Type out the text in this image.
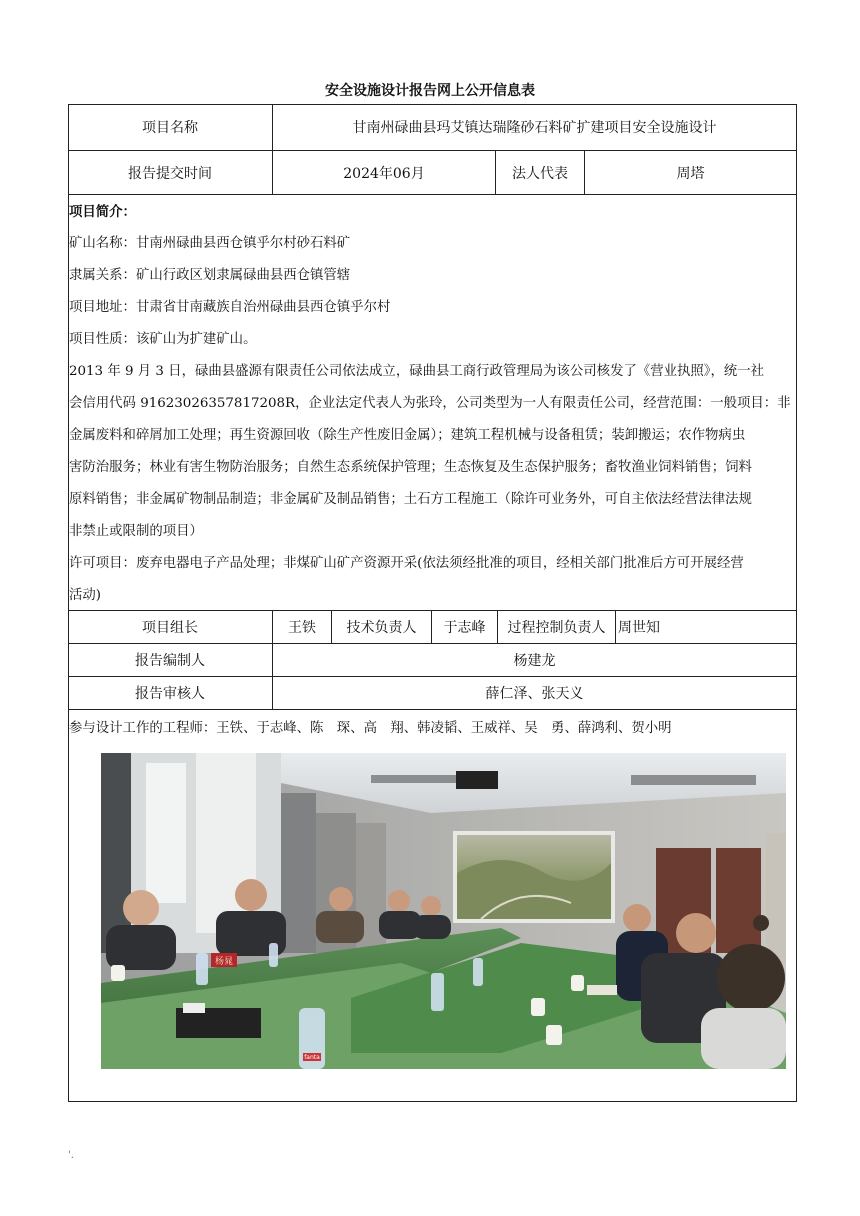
安全设施设计报告网上公开信息表
项目名称	甘南州碌曲县玛艾镇达瑞隆砂石料矿扩建项目安全设施设计
报告提交时间	2024年06月	法人代表	周塔

项目简介：

矿山名称：甘南州碌曲县西仓镇乎尔村砂石料矿

隶属关系：矿山行政区划隶属碌曲县西仓镇管辖

项目地址：甘肃省甘南藏族自治州碌曲县西仓镇乎尔村

项目性质：该矿山为扩建矿山。

2013 年 9 月 3 日，碌曲县盛源有限责任公司依法成立，碌曲县工商行政管理局为该公司核发了《营业执照》，统一社

会信用代码 91623026357817208R，企业法定代表人为张玲，公司类型为一人有限责任公司，经营范围：一般项目：非

金属废料和碎屑加工处理；再生资源回收（除生产性废旧金属）；建筑工程机械与设备租赁；装卸搬运；农作物病虫

害防治服务；林业有害生物防治服务；自然生态系统保护管理；生态恢复及生态保护服务；畜牧渔业饲料销售；饲料

原料销售；非金属矿物制品制造；非金属矿及制品销售；土石方工程施工（除许可业务外，可自主依法经营法律法规

非禁止或限制的项目）

许可项目：废弃电器电子产品处理；非煤矿山矿产资源开采(依法须经批准的项目，经相关部门批准后方可开展经营

活动)

项目组长	王铁	技术负责人	于志峰	过程控制负责人 周世知
报告编制人	杨建龙
报告审核人	薛仁泽、张天义
参与设计工作的工程师：王铁、于志峰、陈　琛、高　翔、韩凌韬、王威祥、吴　勇、薛鸿利、贺小明
fanta
杨晁
'.
